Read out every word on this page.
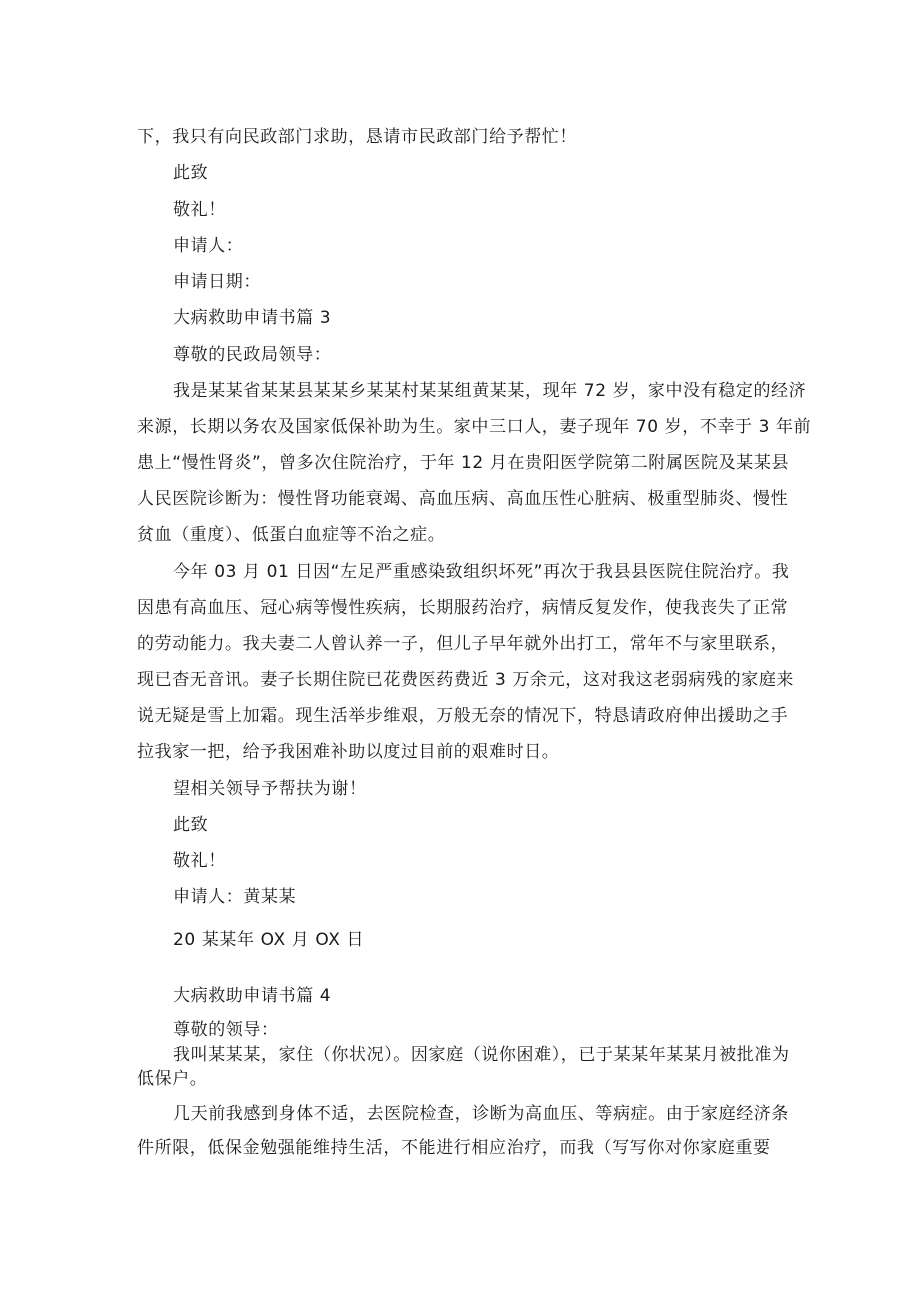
下，我只有向民政部门求助，恳请市民政部门给予帮忙！
此致
敬礼！
申请人：
申请日期：
大病救助申请书篇 3
尊敬的民政局领导：
我是某某省某某县某某乡某某村某某组黄某某，现年 72 岁，家中没有稳定的经济
来源，长期以务农及国家低保补助为生。家中三口人，妻子现年 70 岁，不幸于 3 年前
患上“慢性肾炎”，曾多次住院治疗，于年 12 月在贵阳医学院第二附属医院及某某县
人民医院诊断为：慢性肾功能衰竭、高血压病、高血压性心脏病、极重型肺炎、慢性
贫血（重度）、低蛋白血症等不治之症。
今年 03 月 01 日因“左足严重感染致组织坏死”再次于我县县医院住院治疗。我
因患有高血压、冠心病等慢性疾病，长期服药治疗，病情反复发作，使我丧失了正常
的劳动能力。我夫妻二人曾认养一子，但儿子早年就外出打工，常年不与家里联系，
现已杳无音讯。妻子长期住院已花费医药费近 3 万余元，这对我这老弱病残的家庭来
说无疑是雪上加霜。现生活举步维艰，万般无奈的情况下，特恳请政府伸出援助之手
拉我家一把，给予我困难补助以度过目前的艰难时日。
望相关领导予帮扶为谢！
此致
敬礼！
申请人：黄某某
20 某某年 OX 月 OX 日
大病救助申请书篇 4
尊敬的领导：
我叫某某某，家住（你状况）。因家庭（说你困难），已于某某年某某月被批准为
低保户。
几天前我感到身体不适，去医院检查，诊断为高血压、等病症。由于家庭经济条
件所限，低保金勉强能维持生活，不能进行相应治疗，而我（写写你对你家庭重要
